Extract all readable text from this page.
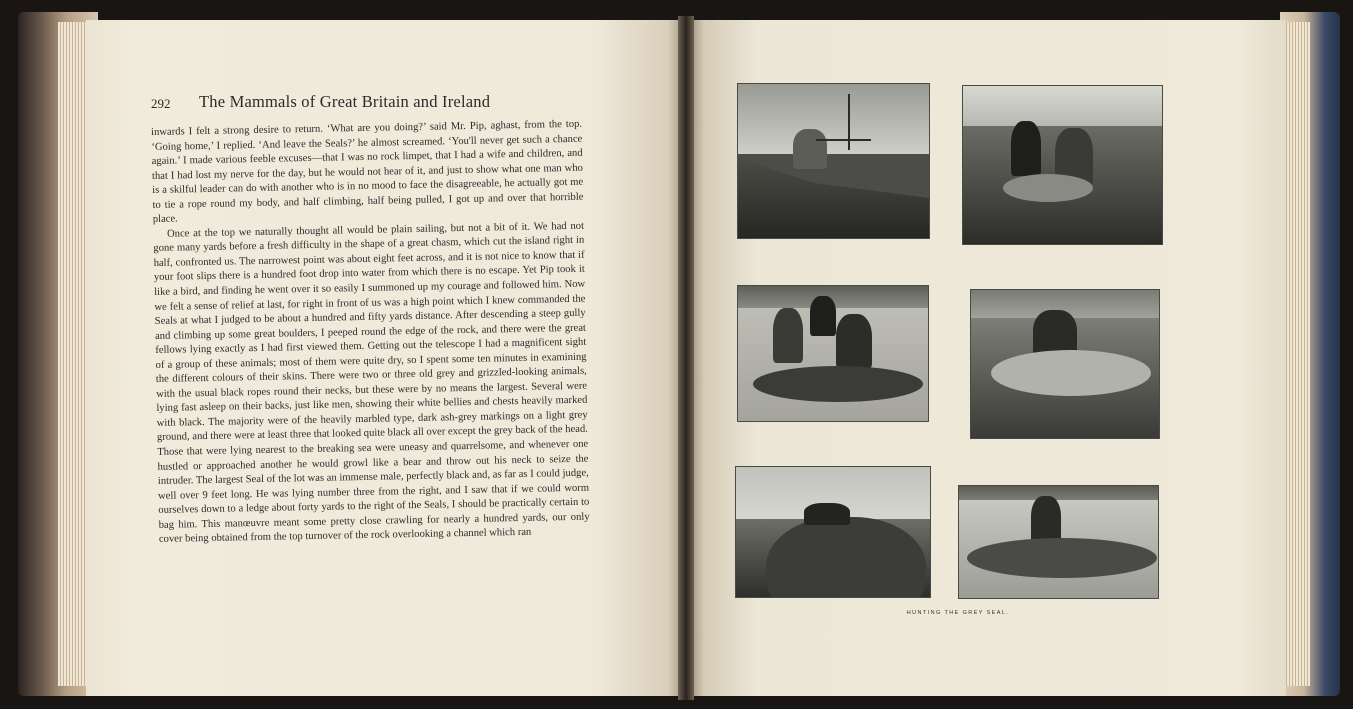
292 The Mammals of Great Britain and Ireland

inwards I felt a strong desire to return. ‘What are you doing?’ said Mr. Pip, aghast, from the top. ‘Going home,’ I replied. ‘And leave the Seals?’ he almost screamed. ‘You'll never get such a chance again.’ I made various feeble excuses—that I was no rock limpet, that I had a wife and children, and that I had lost my nerve for the day, but he would not hear of it, and just to show what one man who is a skilful leader can do with another who is in no mood to face the disagreeable, he actually got me to tie a rope round my body, and half climbing, half being pulled, I got up and over that horrible place.

Once at the top we naturally thought all would be plain sailing, but not a bit of it. We had not gone many yards before a fresh difficulty in the shape of a great chasm, which cut the island right in half, confronted us. The narrowest point was about eight feet across, and it is not nice to know that if your foot slips there is a hundred foot drop into water from which there is no escape. Yet Pip took it like a bird, and finding he went over it so easily I summoned up my courage and followed him. Now we felt a sense of relief at last, for right in front of us was a high point which I knew commanded the Seals at what I judged to be about a hundred and fifty yards distance. After descending a steep gully and climbing up some great boulders, I peeped round the edge of the rock, and there were the great fellows lying exactly as I had first viewed them. Getting out the telescope I had a magnificent sight of a group of these animals; most of them were quite dry, so I spent some ten minutes in examining the different colours of their skins. There were two or three old grey and grizzled-looking animals, with the usual black ropes round their necks, but these were by no means the largest. Several were lying fast asleep on their backs, just like men, showing their white bellies and chests heavily marked with black. The majority were of the heavily marbled type, dark ash-grey markings on a light grey ground, and there were at least three that looked quite black all over except the grey back of the head. Those that were lying nearest to the breaking sea were uneasy and quarrelsome, and whenever one hustled or approached another he would growl like a bear and throw out his neck to seize the intruder. The largest Seal of the lot was an immense male, perfectly black and, as far as I could judge, well over 9 feet long. He was lying number three from the right, and I saw that if we could worm ourselves down to a ledge about forty yards to the right of the Seals, I should be practically certain to bag him. This manœuvre meant some pretty close crawling for nearly a hundred yards, our only cover being obtained from the top turnover of the rock overlooking a channel which ran

HUNTING THE GREY SEAL.
